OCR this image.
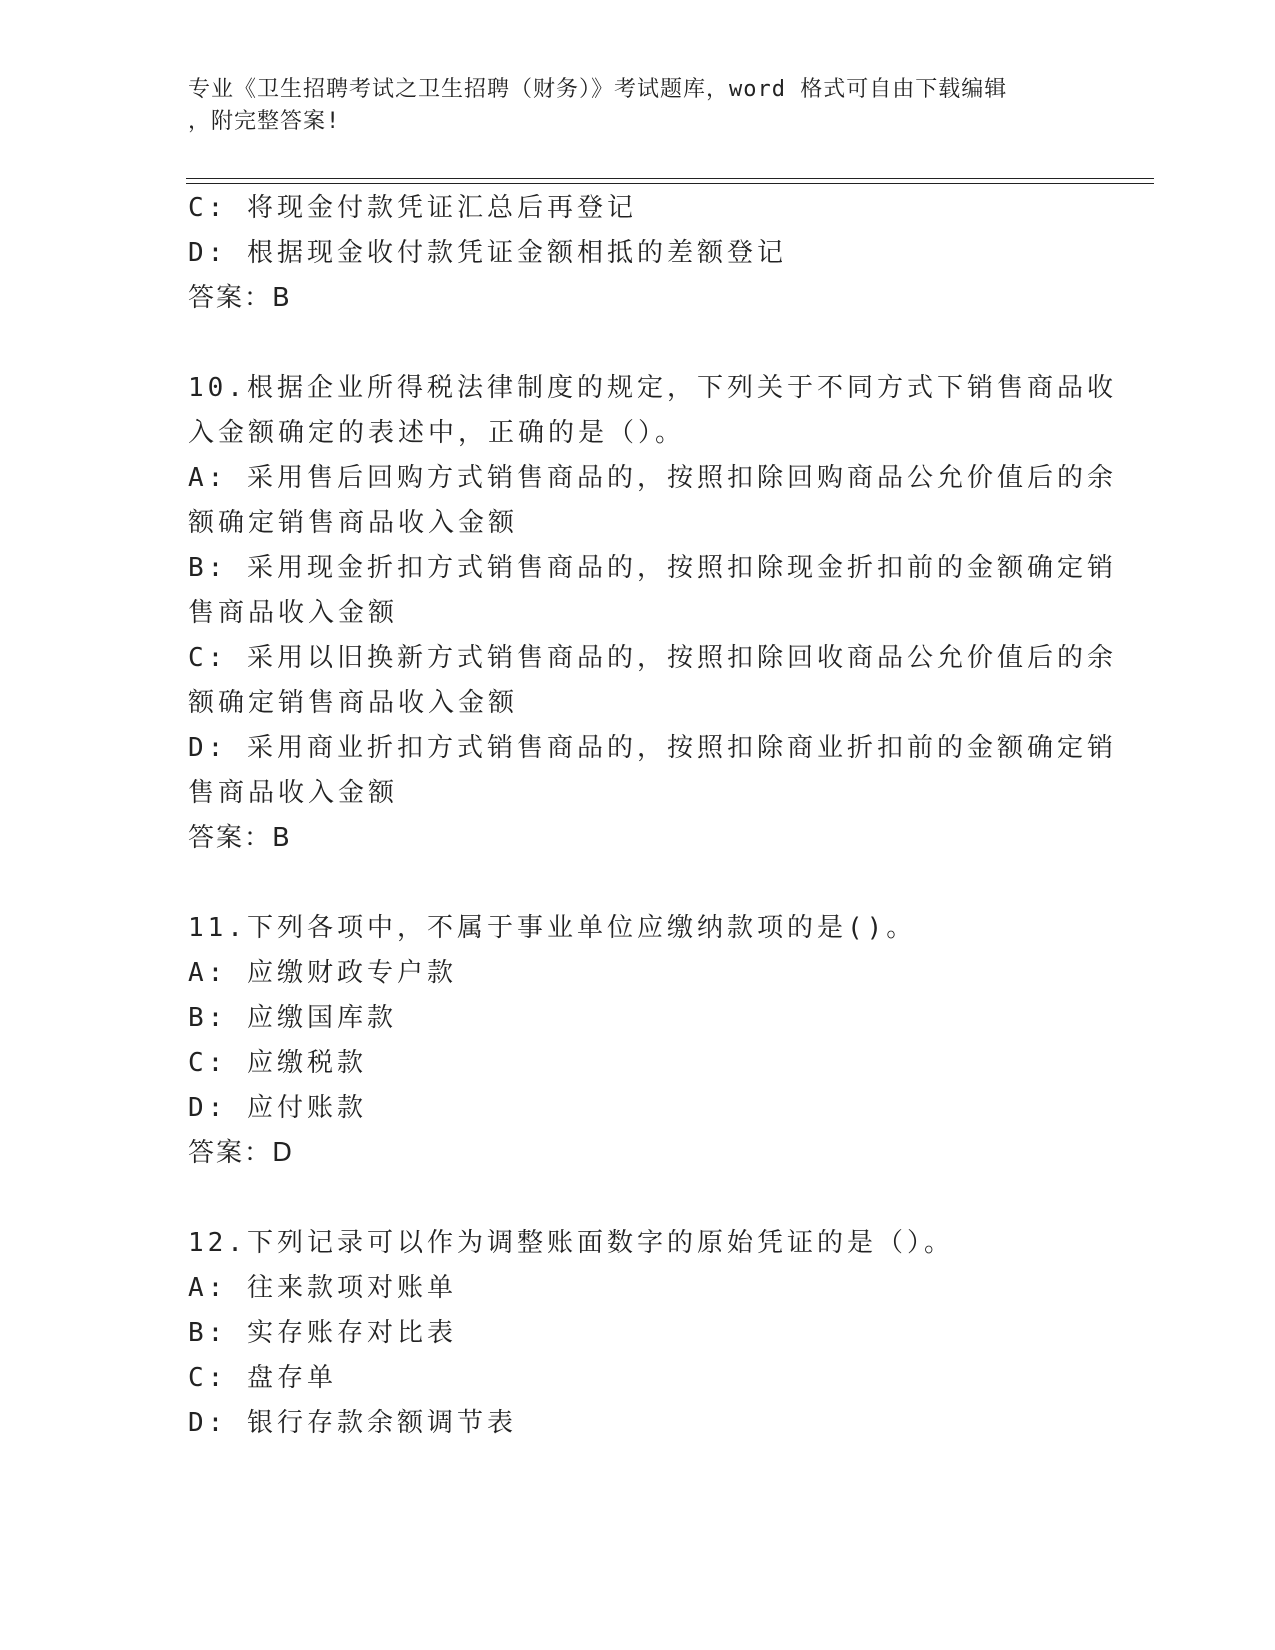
专业《卫生招聘考试之卫生招聘（财务）》考试题库，word 格式可自由下载编辑
，附完整答案!
C: 将现金付款凭证汇总后再登记
D: 根据现金收付款凭证金额相抵的差额登记
答案：B
10.根据企业所得税法律制度的规定，下列关于不同方式下销售商品收
入金额确定的表述中，正确的是（）。
A: 采用售后回购方式销售商品的，按照扣除回购商品公允价值后的余
额确定销售商品收入金额
B: 采用现金折扣方式销售商品的，按照扣除现金折扣前的金额确定销
售商品收入金额
C: 采用以旧换新方式销售商品的，按照扣除回收商品公允价值后的余
额确定销售商品收入金额
D: 采用商业折扣方式销售商品的，按照扣除商业折扣前的金额确定销
售商品收入金额
答案：B
11.下列各项中，不属于事业单位应缴纳款项的是()。
A: 应缴财政专户款
B: 应缴国库款
C: 应缴税款
D: 应付账款
答案：D
12.下列记录可以作为调整账面数字的原始凭证的是（）。
A: 往来款项对账单
B: 实存账存对比表
C: 盘存单
D: 银行存款余额调节表
